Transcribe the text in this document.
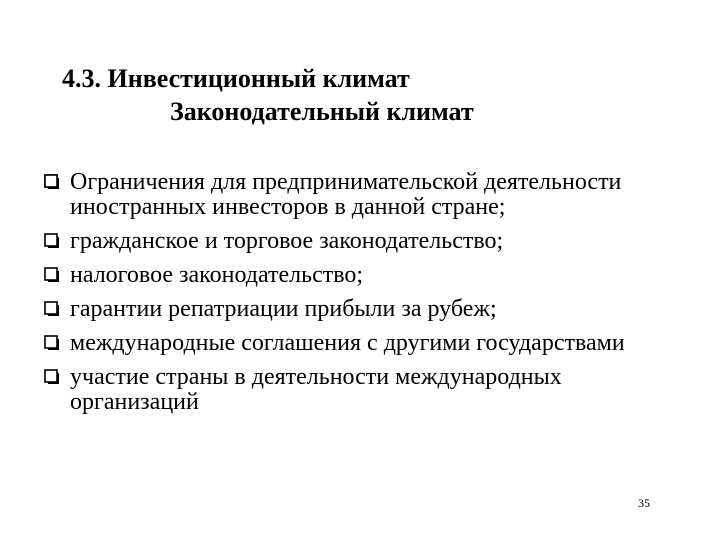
4.3. Инвестиционный климат
Законодательный климат
Ограничения для предпринимательской деятельности иностранных инвесторов в данной стране;
гражданское и торговое законодательство;
налоговое законодательство;
гарантии репатриации прибыли за рубеж;
международные соглашения с другими государствами
участие страны в деятельности международных организаций
35
